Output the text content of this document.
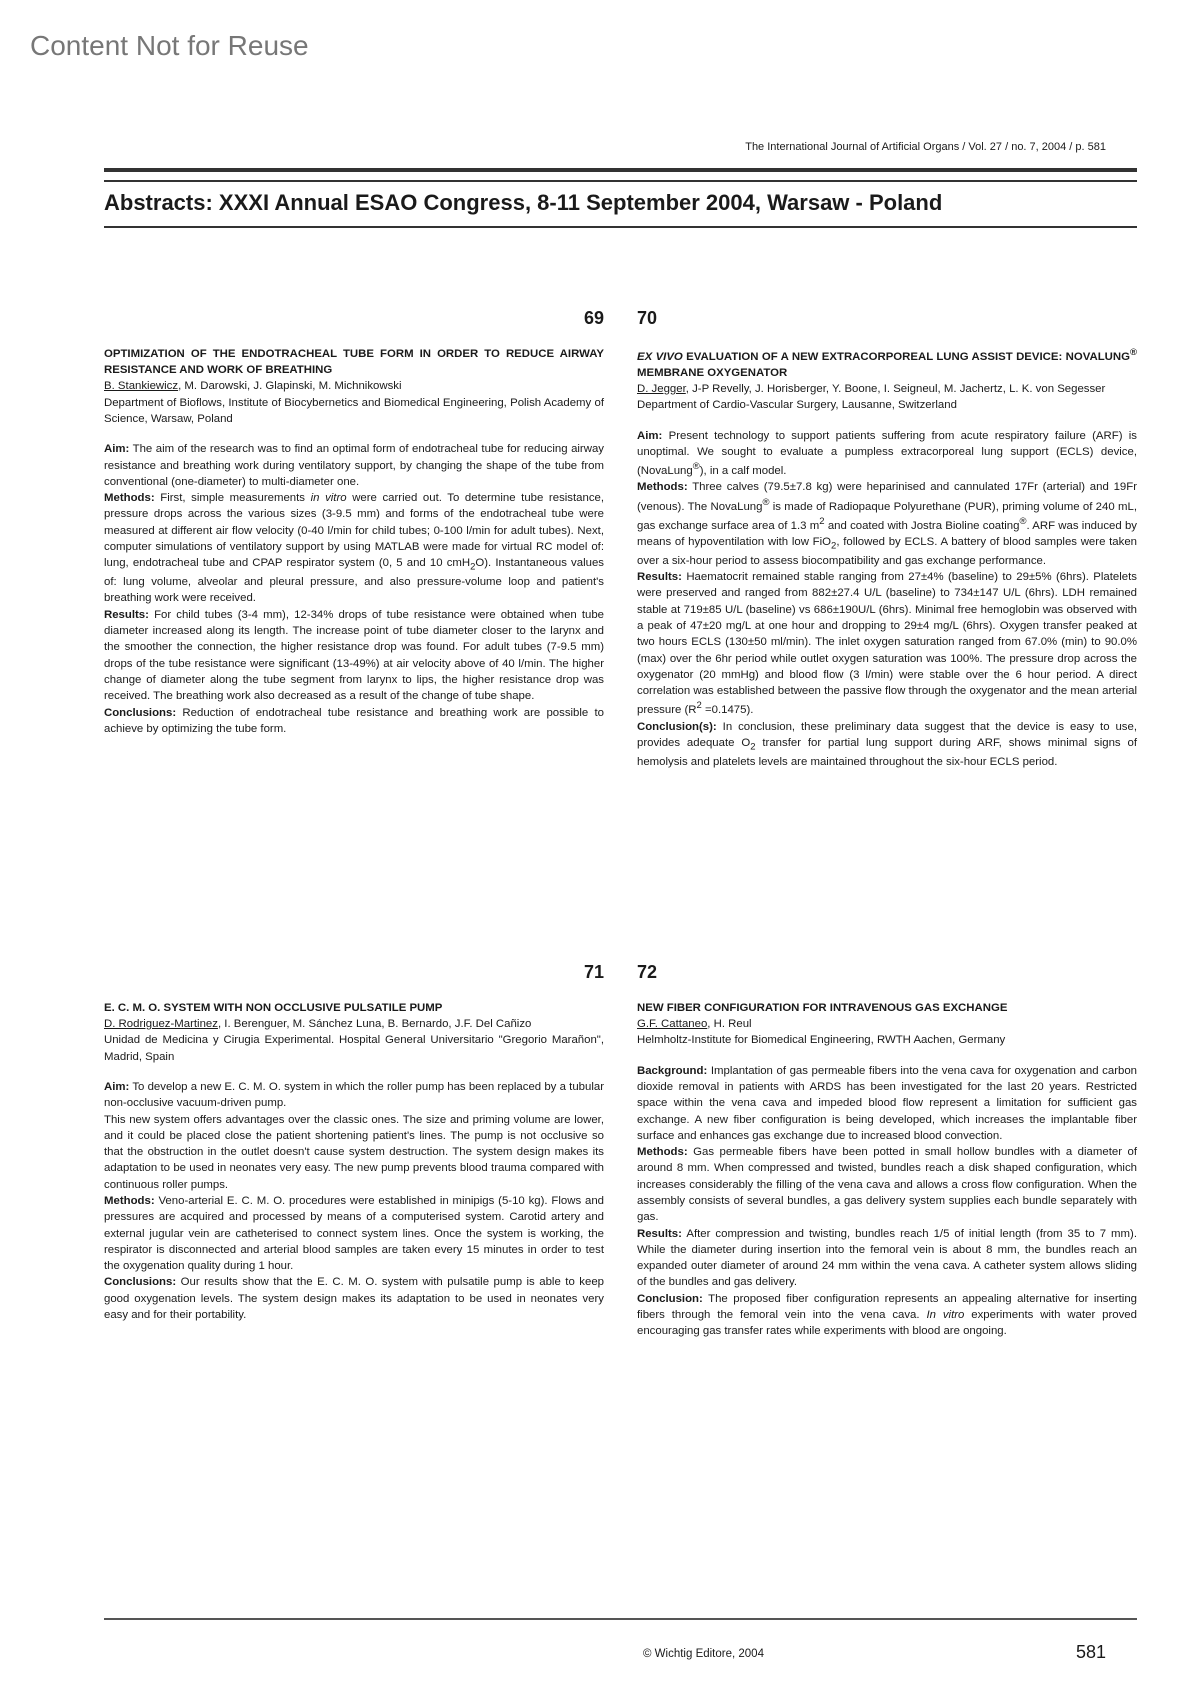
Content Not for Reuse
The International Journal of Artificial Organs / Vol. 27 / no. 7, 2004 / p. 581
Abstracts: XXXI Annual ESAO Congress, 8-11 September 2004, Warsaw - Poland
69

OPTIMIZATION OF THE ENDOTRACHEAL TUBE FORM IN ORDER TO REDUCE AIRWAY RESISTANCE AND WORK OF BREATHING

B. Stankiewicz, M. Darowski, J. Glapinski, M. Michnikowski

Department of Bioflows, Institute of Biocybernetics and Biomedical Engineering, Polish Academy of Science, Warsaw, Poland

Aim: The aim of the research was to find an optimal form of endotracheal tube for reducing airway resistance and breathing work during ventilatory support, by changing the shape of the tube from conventional (one-diameter) to multi-diameter one.

Methods: First, simple measurements in vitro were carried out. To determine tube resistance, pressure drops across the various sizes (3-9.5 mm) and forms of the endotracheal tube were measured at different air flow velocity (0-40 l/min for child tubes; 0-100 l/min for adult tubes). Next, computer simulations of ventilatory support by using MATLAB were made for virtual RC model of: lung, endotracheal tube and CPAP respirator system (0, 5 and 10 cmH$_2$O). Instantaneous values of: lung volume, alveolar and pleural pressure, and also pressure-volume loop and patient's breathing work were received.

Results: For child tubes (3-4 mm), 12-34% drops of tube resistance were obtained when tube diameter increased along its length. The increase point of tube diameter closer to the larynx and the smoother the connection, the higher resistance drop was found. For adult tubes (7-9.5 mm) drops of the tube resistance were significant (13-49%) at air velocity above of 40 l/min. The higher change of diameter along the tube segment from larynx to lips, the higher resistance drop was received. The breathing work also decreased as a result of the change of tube shape.

Conclusions: Reduction of endotracheal tube resistance and breathing work are possible to achieve by optimizing the tube form.

70

EX VIVO EVALUATION OF A NEW EXTRACORPOREAL LUNG ASSIST DEVICE: NOVALUNG® MEMBRANE OXYGENATOR

D. Jegger, J-P Revelly, J. Horisberger, Y. Boone, I. Seigneul, M. Jachertz, L. K. von Segesser

Department of Cardio-Vascular Surgery, Lausanne, Switzerland

Aim: Present technology to support patients suffering from acute respiratory failure (ARF) is unoptimal. We sought to evaluate a pumpless extracorporeal lung support (ECLS) device, (NovaLung®), in a calf model.

Methods: Three calves (79.5±7.8 kg) were heparinised and cannulated 17Fr (arterial) and 19Fr (venous). The NovaLung® is made of Radiopaque Polyurethane (PUR), priming volume of 240 mL, gas exchange surface area of 1.3 $m^2$ and coated with Jostra Bioline coating®. ARF was induced by means of hypoventilation with low FiO$_2$, followed by ECLS. A battery of blood samples were taken over a six-hour period to assess biocompatibility and gas exchange performance.

Results: Haematocrit remained stable ranging from 27±4% (baseline) to 29±5% (6hrs). Platelets were preserved and ranged from 882±27.4 U/L (baseline) to 734±147 U/L (6hrs). LDH remained stable at 719±85 U/L (baseline) vs 686±190U/L (6hrs). Minimal free hemoglobin was observed with a peak of 47±20 mg/L at one hour and dropping to 29±4 mg/L (6hrs). Oxygen transfer peaked at two hours ECLS (130±50 ml/min). The inlet oxygen saturation ranged from 67.0% (min) to 90.0% (max) over the 6hr period while outlet oxygen saturation was 100%. The pressure drop across the oxygenator (20 mmHg) and blood flow (3 l/min) were stable over the 6 hour period. A direct correlation was established between the passive flow through the oxygenator and the mean arterial pressure $(R^2 =0.1475)$.

Conclusion(s): In conclusion, these preliminary data suggest that the device is easy to use, provides adequate $O_2$ transfer for partial lung support during ARF, shows minimal signs of hemolysis and platelets levels are maintained throughout the six-hour ECLS period.

71

E. C. M. O. SYSTEM WITH NON OCCLUSIVE PULSATILE PUMP

D. Rodriguez-Martinez, I. Berenguer, M. Sánchez Luna, B. Bernardo, J.F. Del Cañizo

Unidad de Medicina y Cirugia Experimental. Hospital General Universitario "Gregorio Marañon", Madrid, Spain

Aim: To develop a new E. C. M. O. system in which the roller pump has been replaced by a tubular non-occlusive vacuum-driven pump.

This new system offers advantages over the classic ones. The size and priming volume are lower, and it could be placed close the patient shortening patient's lines. The pump is not occlusive so that the obstruction in the outlet doesn't cause system destruction. The system design makes its adaptation to be used in neonates very easy. The new pump prevents blood trauma compared with continuous roller pumps.

Methods: Veno-arterial E. C. M. O. procedures were established in minipigs (5-10 kg). Flows and pressures are acquired and processed by means of a computerised system. Carotid artery and external jugular vein are catheterised to connect system lines. Once the system is working, the respirator is disconnected and arterial blood samples are taken every 15 minutes in order to test the oxygenation quality during 1 hour.

Conclusions: Our results show that the E. C. M. O. system with pulsatile pump is able to keep good oxygenation levels. The system design makes its adaptation to be used in neonates very easy and for their portability.

72

NEW FIBER CONFIGURATION FOR INTRAVENOUS GAS EXCHANGE

G.F. Cattaneo, H. Reul

Helmholtz-Institute for Biomedical Engineering, RWTH Aachen, Germany

Background: Implantation of gas permeable fibers into the vena cava for oxygenation and carbon dioxide removal in patients with ARDS has been investigated for the last 20 years. Restricted space within the vena cava and impeded blood flow represent a limitation for sufficient gas exchange. A new fiber configuration is being developed, which increases the implantable fiber surface and enhances gas exchange due to increased blood convection.

Methods: Gas permeable fibers have been potted in small hollow bundles with a diameter of around 8 mm. When compressed and twisted, bundles reach a disk shaped configuration, which increases considerably the filling of the vena cava and allows a cross flow configuration. When the assembly consists of several bundles, a gas delivery system supplies each bundle separately with gas.

Results: After compression and twisting, bundles reach 1/5 of initial length (from 35 to 7 mm). While the diameter during insertion into the femoral vein is about 8 mm, the bundles reach an expanded outer diameter of around 24 mm within the vena cava. A catheter system allows sliding of the bundles and gas delivery.

Conclusion: The proposed fiber configuration represents an appealing alternative for inserting fibers through the femoral vein into the vena cava. In vitro experiments with water proved encouraging gas transfer rates while experiments with blood are ongoing.

© Wichtig Editore, 2004	581
